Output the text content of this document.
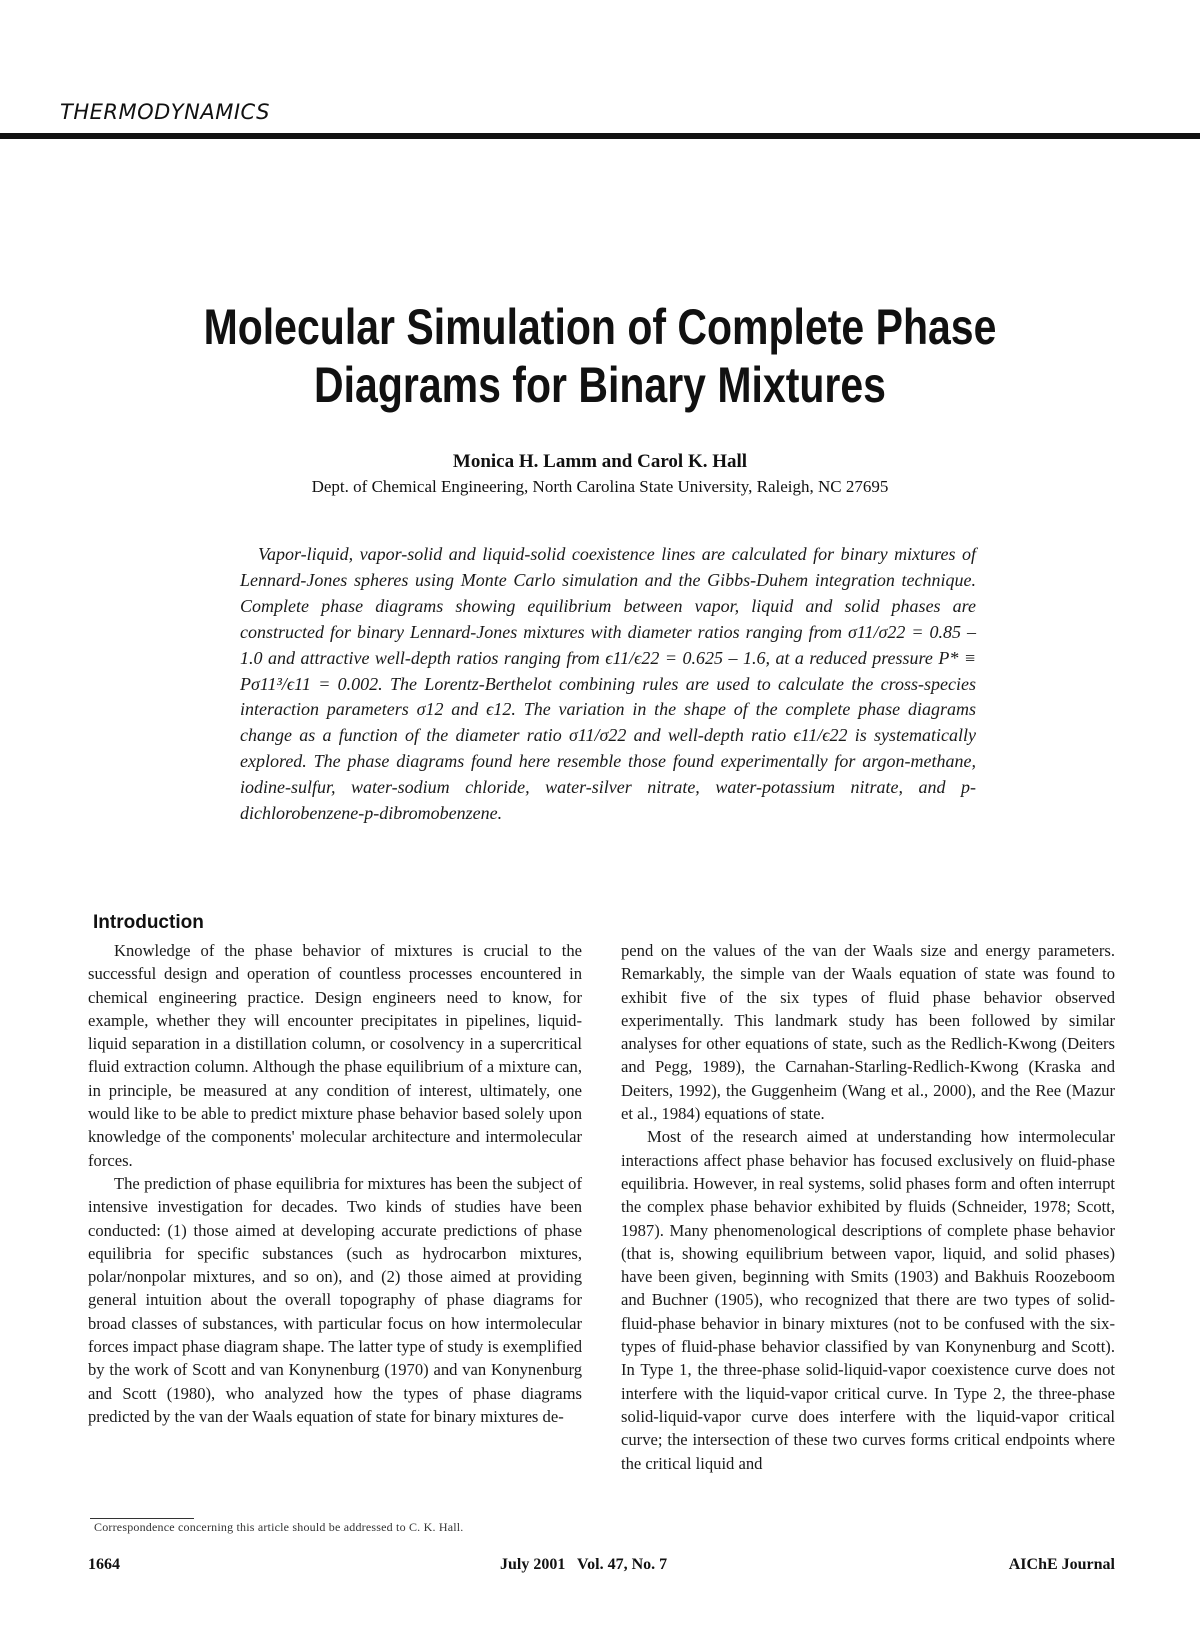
THERMODYNAMICS
Molecular Simulation of Complete Phase Diagrams for Binary Mixtures
Monica H. Lamm and Carol K. Hall
Dept. of Chemical Engineering, North Carolina State University, Raleigh, NC 27695
Vapor-liquid, vapor-solid and liquid-solid coexistence lines are calculated for binary mixtures of Lennard-Jones spheres using Monte Carlo simulation and the Gibbs-Duhem integration technique. Complete phase diagrams showing equilibrium between vapor, liquid and solid phases are constructed for binary Lennard-Jones mixtures with diameter ratios ranging from σ11/σ22 = 0.85 – 1.0 and attractive well-depth ratios ranging from ϵ11/ϵ22 = 0.625 – 1.6, at a reduced pressure P* ≡ Pσ11³/ϵ11 = 0.002. The Lorentz-Berthelot combining rules are used to calculate the cross-species interaction parameters σ12 and ϵ12. The variation in the shape of the complete phase diagrams change as a function of the diameter ratio σ11/σ22 and well-depth ratio ϵ11/ϵ22 is systematically explored. The phase diagrams found here resemble those found experimentally for argon-methane, iodine-sulfur, water-sodium chloride, water-silver nitrate, water-potassium nitrate, and p-dichlorobenzene-p-dibromobenzene.
Introduction

Knowledge of the phase behavior of mixtures is crucial to the successful design and operation of countless processes encountered in chemical engineering practice. Design engineers need to know, for example, whether they will encounter precipitates in pipelines, liquid-liquid separation in a distillation column, or cosolvency in a supercritical fluid extraction column. Although the phase equilibrium of a mixture can, in principle, be measured at any condition of interest, ultimately, one would like to be able to predict mixture phase behavior based solely upon knowledge of the components' molecular architecture and intermolecular forces.

The prediction of phase equilibria for mixtures has been the subject of intensive investigation for decades. Two kinds of studies have been conducted: (1) those aimed at developing accurate predictions of phase equilibria for specific substances (such as hydrocarbon mixtures, polar/nonpolar mixtures, and so on), and (2) those aimed at providing general intuition about the overall topography of phase diagrams for broad classes of substances, with particular focus on how intermolecular forces impact phase diagram shape. The latter type of study is exemplified by the work of Scott and van Konynenburg (1970) and van Konynenburg and Scott (1980), who analyzed how the types of phase diagrams predicted by the van der Waals equation of state for binary mixtures de-

pend on the values of the van der Waals size and energy parameters. Remarkably, the simple van der Waals equation of state was found to exhibit five of the six types of fluid phase behavior observed experimentally. This landmark study has been followed by similar analyses for other equations of state, such as the Redlich-Kwong (Deiters and Pegg, 1989), the Carnahan-Starling-Redlich-Kwong (Kraska and Deiters, 1992), the Guggenheim (Wang et al., 2000), and the Ree (Mazur et al., 1984) equations of state.

Most of the research aimed at understanding how intermolecular interactions affect phase behavior has focused exclusively on fluid-phase equilibria. However, in real systems, solid phases form and often interrupt the complex phase behavior exhibited by fluids (Schneider, 1978; Scott, 1987). Many phenomenological descriptions of complete phase behavior (that is, showing equilibrium between vapor, liquid, and solid phases) have been given, beginning with Smits (1903) and Bakhuis Roozeboom and Buchner (1905), who recognized that there are two types of solid-fluid-phase behavior in binary mixtures (not to be confused with the six-types of fluid-phase behavior classified by van Konynenburg and Scott). In Type 1, the three-phase solid-liquid-vapor coexistence curve does not interfere with the liquid-vapor critical curve. In Type 2, the three-phase solid-liquid-vapor curve does interfere with the liquid-vapor critical curve; the intersection of these two curves forms critical endpoints where the critical liquid and

Correspondence concerning this article should be addressed to C. K. Hall.
1664	July 2001   Vol. 47, No. 7	AIChE Journal
